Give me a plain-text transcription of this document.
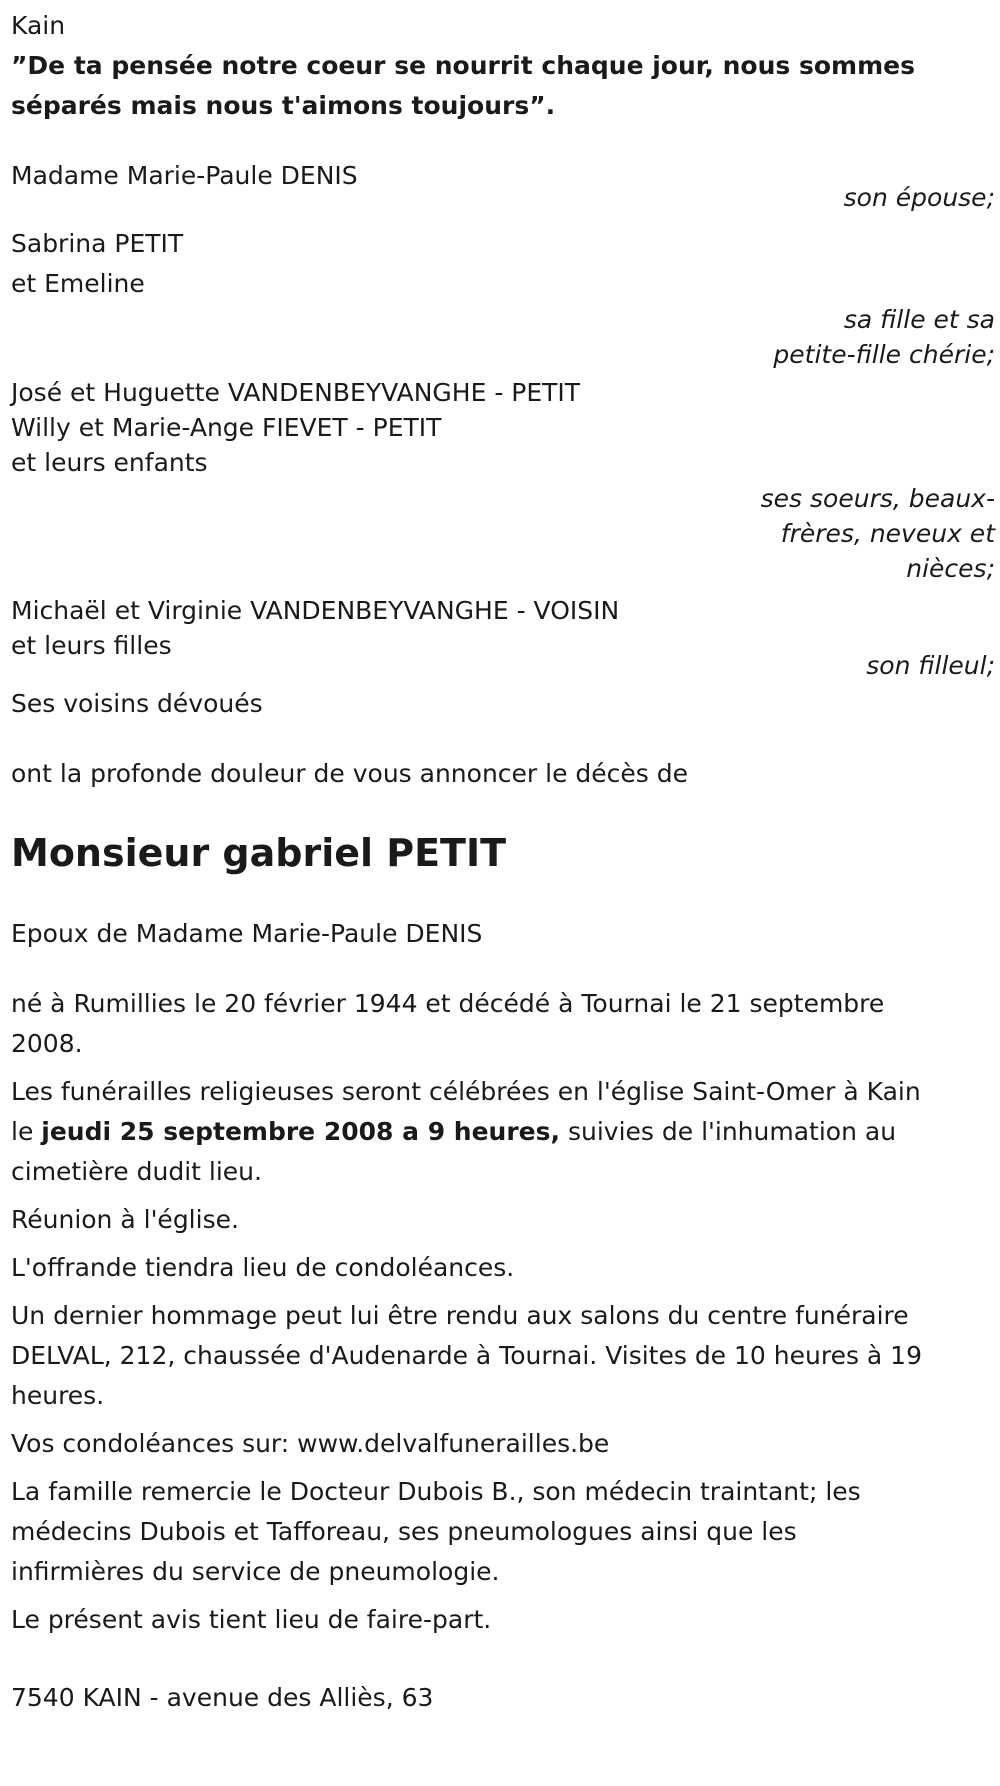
Kain
”De ta pensée notre coeur se nourrit chaque jour, nous sommes
séparés mais nous t'aimons toujours”.
Madame Marie-Paule DENIS
son épouse;
Sabrina PETIT
et Emeline
sa fille et sa
petite-fille chérie;
José et Huguette VANDENBEYVANGHE - PETIT
Willy et Marie-Ange FIEVET - PETIT
et leurs enfants
ses soeurs, beaux-
frères, neveux et
nièces;
Michaël et Virginie VANDENBEYVANGHE - VOISIN
et leurs filles
son filleul;
Ses voisins dévoués
ont la profonde douleur de vous annoncer le décès de
Monsieur gabriel PETIT
Epoux de Madame Marie-Paule DENIS
né à Rumillies le 20 février 1944 et décédé à Tournai le 21 septembre
2008.
Les funérailles religieuses seront célébrées en l'église Saint-Omer à Kain
le jeudi 25 septembre 2008 a 9 heures, suivies de l'inhumation au
cimetière dudit lieu.
Réunion à l'église.
L'offrande tiendra lieu de condoléances.
Un dernier hommage peut lui être rendu aux salons du centre funéraire
DELVAL, 212, chaussée d'Audenarde à Tournai. Visites de 10 heures à 19
heures.
Vos condoléances sur: www.delvalfunerailles.be
La famille remercie le Docteur Dubois B., son médecin traintant; les
médecins Dubois et Tafforeau, ses pneumologues ainsi que les
infirmières du service de pneumologie.
Le présent avis tient lieu de faire-part.
7540 KAIN - avenue des Alliès, 63
